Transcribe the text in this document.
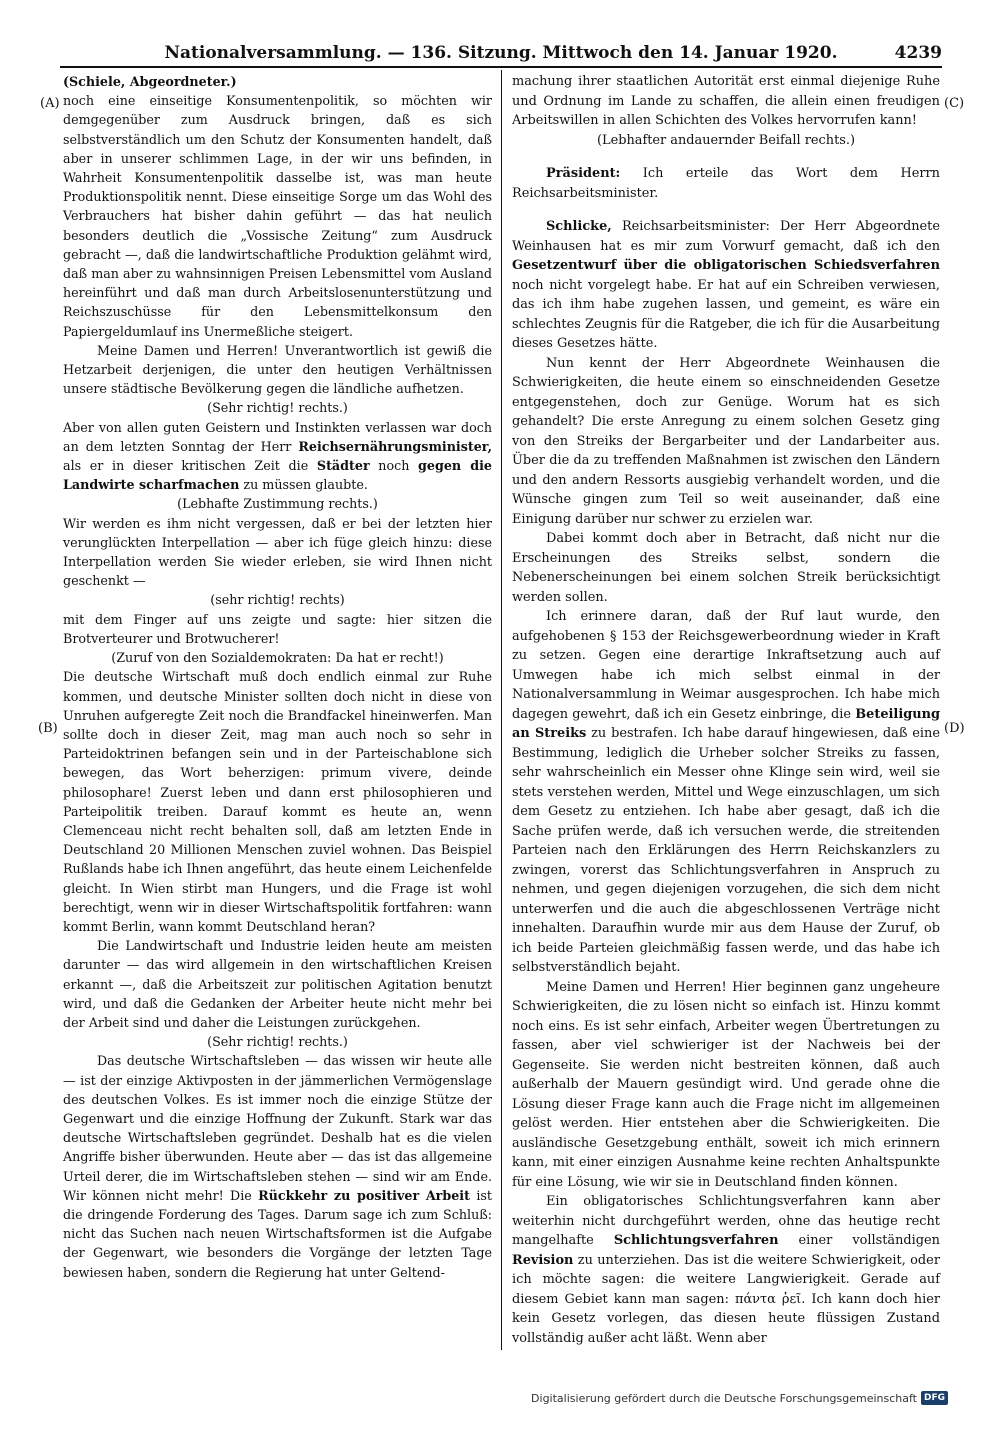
Nationalversammlung. — 136. Sitzung. Mittwoch den 14. Januar 1920.	4239
(A)
(B)
(C)
(D)

(Schiele, Abgeordneter.)

noch eine einseitige Konsumentenpolitik, so möchten wir demgegenüber zum Ausdruck bringen, daß es sich selbstverständlich um den Schutz der Konsumenten handelt, daß aber in unserer schlimmen Lage, in der wir uns befinden, in Wahrheit Konsumentenpolitik dasselbe ist, was man heute Produktionspolitik nennt. Diese einseitige Sorge um das Wohl des Verbrauchers hat bisher dahin geführt — das hat neulich besonders deutlich die „Vossische Zeitung“ zum Ausdruck gebracht —, daß die landwirtschaftliche Produktion gelähmt wird, daß man aber zu wahnsinnigen Preisen Lebensmittel vom Ausland hereinführt und daß man durch Arbeitslosenunterstützung und Reichszuschüsse für den Lebensmittelkonsum den Papiergeldumlauf ins Unermeßliche steigert.

Meine Damen und Herren! Unverantwortlich ist gewiß die Hetzarbeit derjenigen, die unter den heutigen Verhältnissen unsere städtische Bevölkerung gegen die ländliche aufhetzen.

(Sehr richtig! rechts.)

Aber von allen guten Geistern und Instinkten verlassen war doch an dem letzten Sonntag der Herr Reichsernährungsminister, als er in dieser kritischen Zeit die Städter noch gegen die Landwirte scharfmachen zu müssen glaubte.

(Lebhafte Zustimmung rechts.)

Wir werden es ihm nicht vergessen, daß er bei der letzten hier verunglückten Interpellation — aber ich füge gleich hinzu: diese Interpellation werden Sie wieder erleben, sie wird Ihnen nicht geschenkt —

(sehr richtig! rechts)

mit dem Finger auf uns zeigte und sagte: hier sitzen die Brotverteurer und Brotwucherer!

(Zuruf von den Sozialdemokraten: Da hat er recht!)

Die deutsche Wirtschaft muß doch endlich einmal zur Ruhe kommen, und deutsche Minister sollten doch nicht in diese von Unruhen aufgeregte Zeit noch die Brandfackel hineinwerfen. Man sollte doch in dieser Zeit, mag man auch noch so sehr in Parteidoktrinen befangen sein und in der Parteischablone sich bewegen, das Wort beherzigen: primum vivere, deinde philosophare! Zuerst leben und dann erst philosophieren und Parteipolitik treiben. Darauf kommt es heute an, wenn Clemenceau nicht recht behalten soll, daß am letzten Ende in Deutschland 20 Millionen Menschen zuviel wohnen. Das Beispiel Rußlands habe ich Ihnen angeführt, das heute einem Leichenfelde gleicht. In Wien stirbt man Hungers, und die Frage ist wohl berechtigt, wenn wir in dieser Wirtschaftspolitik fortfahren: wann kommt Berlin, wann kommt Deutschland heran?

Die Landwirtschaft und Industrie leiden heute am meisten darunter — das wird allgemein in den wirtschaftlichen Kreisen erkannt —, daß die Arbeitszeit zur politischen Agitation benutzt wird, und daß die Gedanken der Arbeiter heute nicht mehr bei der Arbeit sind und daher die Leistungen zurückgehen.

(Sehr richtig! rechts.)

Das deutsche Wirtschaftsleben — das wissen wir heute alle — ist der einzige Aktivposten in der jämmerlichen Vermögenslage des deutschen Volkes. Es ist immer noch die einzige Stütze der Gegenwart und die einzige Hoffnung der Zukunft. Stark war das deutsche Wirtschaftsleben gegründet. Deshalb hat es die vielen Angriffe bisher überwunden. Heute aber — das ist das allgemeine Urteil derer, die im Wirtschaftsleben stehen — sind wir am Ende. Wir können nicht mehr! Die Rückkehr zu positiver Arbeit ist die dringende Forderung des Tages. Darum sage ich zum Schluß: nicht das Suchen nach neuen Wirtschaftsformen ist die Aufgabe der Gegenwart, wie besonders die Vorgänge der letzten Tage bewiesen haben, sondern die Regierung hat unter Geltend-

machung ihrer staatlichen Autorität erst einmal diejenige Ruhe und Ordnung im Lande zu schaffen, die allein einen freudigen Arbeitswillen in allen Schichten des Volkes hervorrufen kann!

(Lebhafter andauernder Beifall rechts.)

Präsident: Ich erteile das Wort dem Herrn Reichsarbeitsminister.

Schlicke, Reichsarbeitsminister: Der Herr Abgeordnete Weinhausen hat es mir zum Vorwurf gemacht, daß ich den Gesetzentwurf über die obligatorischen Schiedsverfahren noch nicht vorgelegt habe. Er hat auf ein Schreiben verwiesen, das ich ihm habe zugehen lassen, und gemeint, es wäre ein schlechtes Zeugnis für die Ratgeber, die ich für die Ausarbeitung dieses Gesetzes hätte.

Nun kennt der Herr Abgeordnete Weinhausen die Schwierigkeiten, die heute einem so einschneidenden Gesetze entgegenstehen, doch zur Genüge. Worum hat es sich gehandelt? Die erste Anregung zu einem solchen Gesetz ging von den Streiks der Bergarbeiter und der Landarbeiter aus. Über die da zu treffenden Maßnahmen ist zwischen den Ländern und den andern Ressorts ausgiebig verhandelt worden, und die Wünsche gingen zum Teil so weit auseinander, daß eine Einigung darüber nur schwer zu erzielen war.

Dabei kommt doch aber in Betracht, daß nicht nur die Erscheinungen des Streiks selbst, sondern die Nebenerscheinungen bei einem solchen Streik berücksichtigt werden sollen.

Ich erinnere daran, daß der Ruf laut wurde, den aufgehobenen § 153 der Reichsgewerbeordnung wieder in Kraft zu setzen. Gegen eine derartige Inkraftsetzung auch auf Umwegen habe ich mich selbst einmal in der Nationalversammlung in Weimar ausgesprochen. Ich habe mich dagegen gewehrt, daß ich ein Gesetz einbringe, die Beteiligung an Streiks zu bestrafen. Ich habe darauf hingewiesen, daß eine Bestimmung, lediglich die Urheber solcher Streiks zu fassen, sehr wahrscheinlich ein Messer ohne Klinge sein wird, weil sie stets verstehen werden, Mittel und Wege einzuschlagen, um sich dem Gesetz zu entziehen. Ich habe aber gesagt, daß ich die Sache prüfen werde, daß ich versuchen werde, die streitenden Parteien nach den Erklärungen des Herrn Reichskanzlers zu zwingen, vorerst das Schlichtungsverfahren in Anspruch zu nehmen, und gegen diejenigen vorzugehen, die sich dem nicht unterwerfen und die auch die abgeschlossenen Verträge nicht innehalten. Daraufhin wurde mir aus dem Hause der Zuruf, ob ich beide Parteien gleichmäßig fassen werde, und das habe ich selbstverständlich bejaht.

Meine Damen und Herren! Hier beginnen ganz ungeheure Schwierigkeiten, die zu lösen nicht so einfach ist. Hinzu kommt noch eins. Es ist sehr einfach, Arbeiter wegen Übertretungen zu fassen, aber viel schwieriger ist der Nachweis bei der Gegenseite. Sie werden nicht bestreiten können, daß auch außerhalb der Mauern gesündigt wird. Und gerade ohne die Lösung dieser Frage kann auch die Frage nicht im allgemeinen gelöst werden. Hier entstehen aber die Schwierigkeiten. Die ausländische Gesetzgebung enthält, soweit ich mich erinnern kann, mit einer einzigen Ausnahme keine rechten Anhaltspunkte für eine Lösung, wie wir sie in Deutschland finden können.

Ein obligatorisches Schlichtungsverfahren kann aber weiterhin nicht durchgeführt werden, ohne das heutige recht mangelhafte Schlichtungsverfahren einer vollständigen Revision zu unterziehen. Das ist die weitere Schwierigkeit, oder ich möchte sagen: die weitere Langwierigkeit. Gerade auf diesem Gebiet kann man sagen: πάντα ῥεῖ. Ich kann doch hier kein Gesetz vorlegen, das diesen heute flüssigen Zustand vollständig außer acht läßt. Wenn aber

Digitalisierung gefördert durch die Deutsche Forschungsgemeinschaft DFG
